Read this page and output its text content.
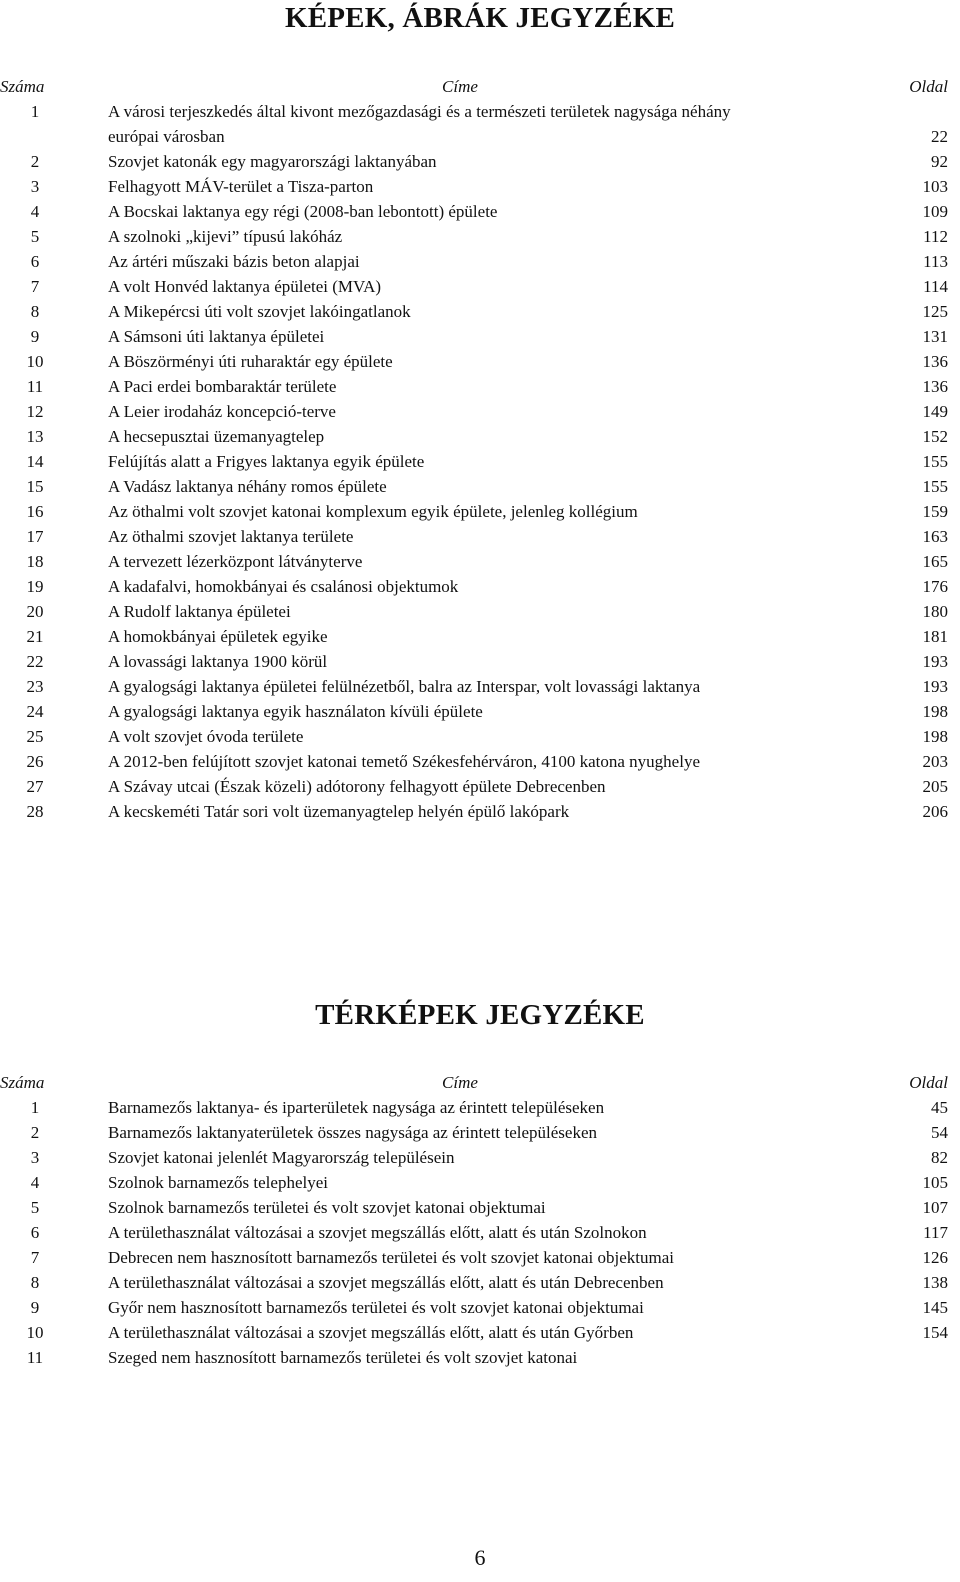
KÉPEK, ÁBRÁK JEGYZÉKE
Száma	Címe	Oldal
1	A városi terjeszkedés által kivont mezőgazdasági és a természeti területek nagysága néhány európai városban	22
2	Szovjet katonák egy magyarországi laktanyában	92
3	Felhagyott MÁV-terület a Tisza-parton	103
4	A Bocskai laktanya egy régi (2008-ban lebontott) épülete	109
5	A szolnoki „kijevi” típusú lakóház	112
6	Az ártéri műszaki bázis beton alapjai	113
7	A volt Honvéd laktanya épületei (MVA)	114
8	A Mikepércsi úti volt szovjet lakóingatlanok	125
9	A Sámsoni úti laktanya épületei	131
10	A Böszörményi úti ruharaktár egy épülete	136
11	A Paci erdei bombaraktár területe	136
12	A Leier irodaház koncepció-terve	149
13	A hecsepusztai üzemanyagtelep	152
14	Felújítás alatt a Frigyes laktanya egyik épülete	155
15	A Vadász laktanya néhány romos épülete	155
16	Az öthalmi volt szovjet katonai komplexum egyik épülete, jelenleg kollégium	159
17	Az öthalmi szovjet laktanya területe	163
18	A tervezett lézerközpont látványterve	165
19	A kadafalvi, homokbányai és csalánosi objektumok	176
20	A Rudolf laktanya épületei	180
21	A homokbányai épületek egyike	181
22	A lovassági laktanya 1900 körül	193
23	A gyalogsági laktanya épületei felülnézetből, balra az Interspar, volt lovassági laktanya	193
24	A gyalogsági laktanya egyik használaton kívüli épülete	198
25	A volt szovjet óvoda területe	198
26	A 2012-ben felújított szovjet katonai temető Székesfehérváron, 4100 katona nyughelye	203
27	A Szávay utcai (Észak közeli) adótorony felhagyott épülete Debrecenben	205
28	A kecskeméti Tatár sori volt üzemanyagtelep helyén épülő lakópark	206
TÉRKÉPEK JEGYZÉKE
Száma	Címe	Oldal
1	Barnamezős laktanya- és iparterületek nagysága az érintett településeken	45
2	Barnamezős laktanyaterületek összes nagysága az érintett településeken	54
3	Szovjet katonai jelenlét Magyarország településein	82
4	Szolnok barnamezős telephelyei	105
5	Szolnok barnamezős területei és volt szovjet katonai objektumai	107
6	A területhasználat változásai a szovjet megszállás előtt, alatt és után Szolnokon	117
7	Debrecen nem hasznosított barnamezős területei és volt szovjet katonai objektumai	126
8	A területhasználat változásai a szovjet megszállás előtt, alatt és után Debrecenben	138
9	Győr nem hasznosított barnamezős területei és volt szovjet katonai objektumai	145
10	A területhasználat változásai a szovjet megszállás előtt, alatt és után Győrben	154
11	Szeged nem hasznosított barnamezős területei és volt szovjet katonai
6
